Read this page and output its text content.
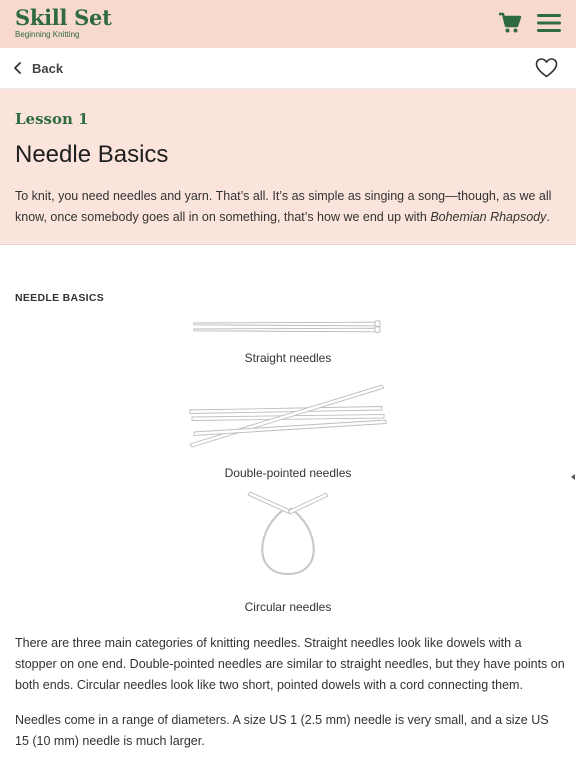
Skill Set
Beginning Knitting
Back
Lesson 1
Needle Basics
To knit, you need needles and yarn. That’s all. It’s as simple as singing a song—though, as we all know, once somebody goes all in on something, that’s how we end up with Bohemian Rhapsody.
NEEDLE BASICS
Straight needles
Double-pointed needles
Circular needles

There are three main categories of knitting needles. Straight needles look like dowels with a stopper on one end. Double-pointed needles are similar to straight needles, but they have points on both ends. Circular needles look like two short, pointed dowels with a cord connecting them.

Needles come in a range of diameters. A size US 1 (2.5 mm) needle is very small, and a size US 15 (10 mm) needle is much larger.
